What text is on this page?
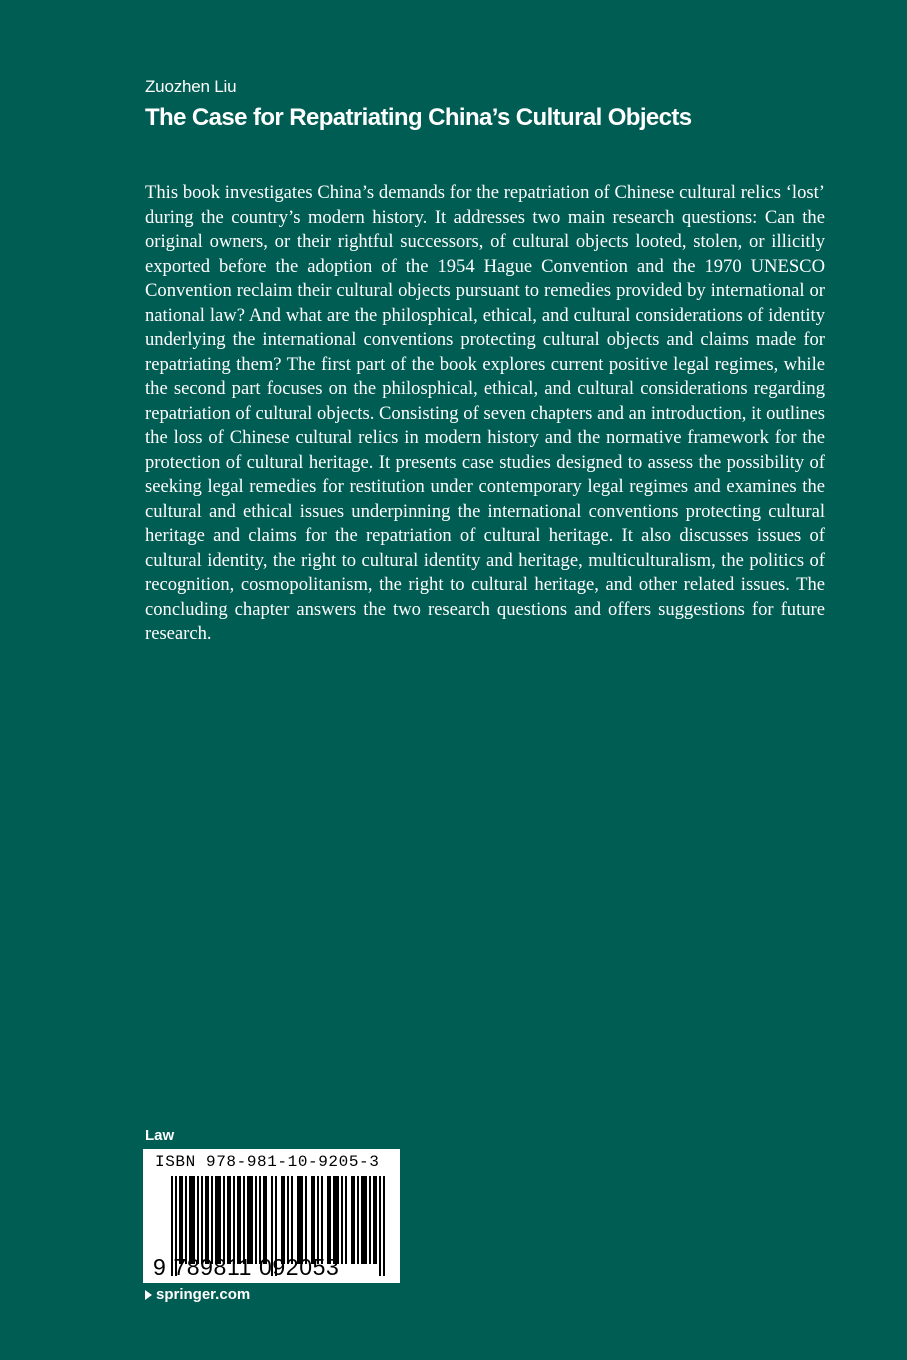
Zuozhen Liu
The Case for Repatriating China’s Cultural Objects

This book investigates China’s demands for the repatriation of Chinese cultural relics ‘lost’ during the country’s modern history. It addresses two main research questions: Can the original owners, or their rightful successors, of cultural objects looted, stolen, or illicitly exported before the adoption of the 1954 Hague Convention and the 1970 UNESCO Convention reclaim their cultural objects pursuant to remedies provided by international or national law? And what are the philosphical, ethical, and cultural considerations of identity underlying the international conventions protecting cultural objects and claims made for repatriating them? The first part of the book explores current positive legal regimes, while the second part focuses on the philosphical, ethical, and cultural considerations regarding repatriation of cultural objects. Consisting of seven chapters and an introduction, it outlines the loss of Chinese cultural relics in modern history and the normative framework for the protection of cultural heritage. It presents case studies designed to assess the possibility of seeking legal remedies for restitution under contemporary legal regimes and examines the cultural and ethical issues underpinning the international conventions protecting cultural heritage and claims for the repatriation of cultural heritage. It also discusses issues of cultural identity, the right to cultural identity and heritage, multiculturalism, the politics of recognition, cosmopolitanism, the right to cultural heritage, and other related issues. The concluding chapter answers the two research questions and offers suggestions for future research.

Law
ISBN 978-981-10-9205-3
9 789811 092053
springer.com
